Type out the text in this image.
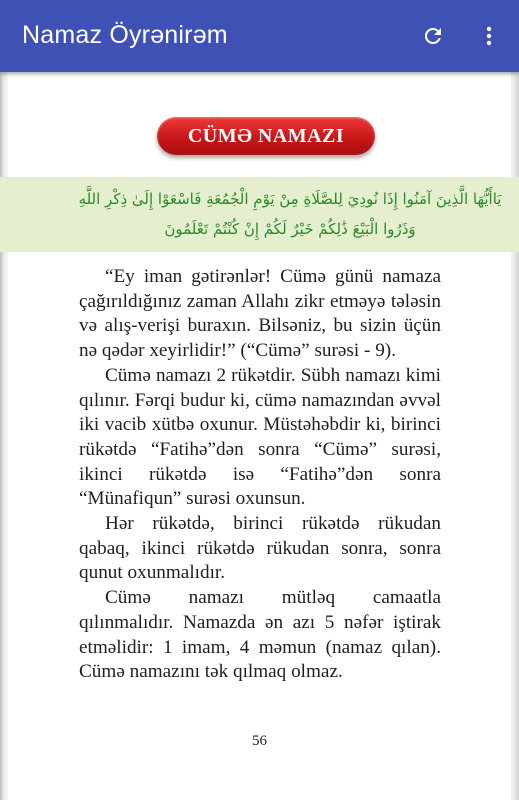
Namaz Öyrənirəm
CÜMƏ NAMAZI
يَاأَيُّهَا الَّذِينَ آمَنُوا إِذَا نُودِيَ لِلصَّلَاةِ مِنْ يَوْمِ الْجُمُعَةِ فَاسْعَوْا إِلَىٰ ذِكْرِ اللَّهِ وَذَرُوا الْبَيْعَ ذَٰلِكُمْ خَيْرٌ لَكُمْ إِنْ كُنْتُمْ تَعْلَمُونَ

“Ey iman gətirənlər! Cümə günü namaza çağırıldığınız zaman Allahı zikr etməyə tələsin və alış-verişi buraxın. Bilsəniz, bu sizin üçün nə qədər xeyirlidir!” (“Cümə” surəsi - 9).

Cümə namazı 2 rükətdir. Sübh namazı kimi qılınır. Fərqi budur ki, cümə namazından əvvəl iki vacib xütbə oxunur. Müstəhəbdir ki, birinci rükətdə “Fatihə”dən sonra “Cümə” surəsi, ikinci rükətdə isə “Fatihə”dən sonra “Münafiqun” surəsi oxunsun.

Hər rükətdə, birinci rükətdə rükudan qabaq, ikinci rükətdə rükudan sonra, sonra qunut oxunmalıdır.

Cümə namazı mütləq camaatla qılınmalıdır. Namazda ən azı 5 nəfər iştirak etməlidir: 1 imam, 4 məmun (namaz qılan). Cümə namazını tək qılmaq olmaz.

56
